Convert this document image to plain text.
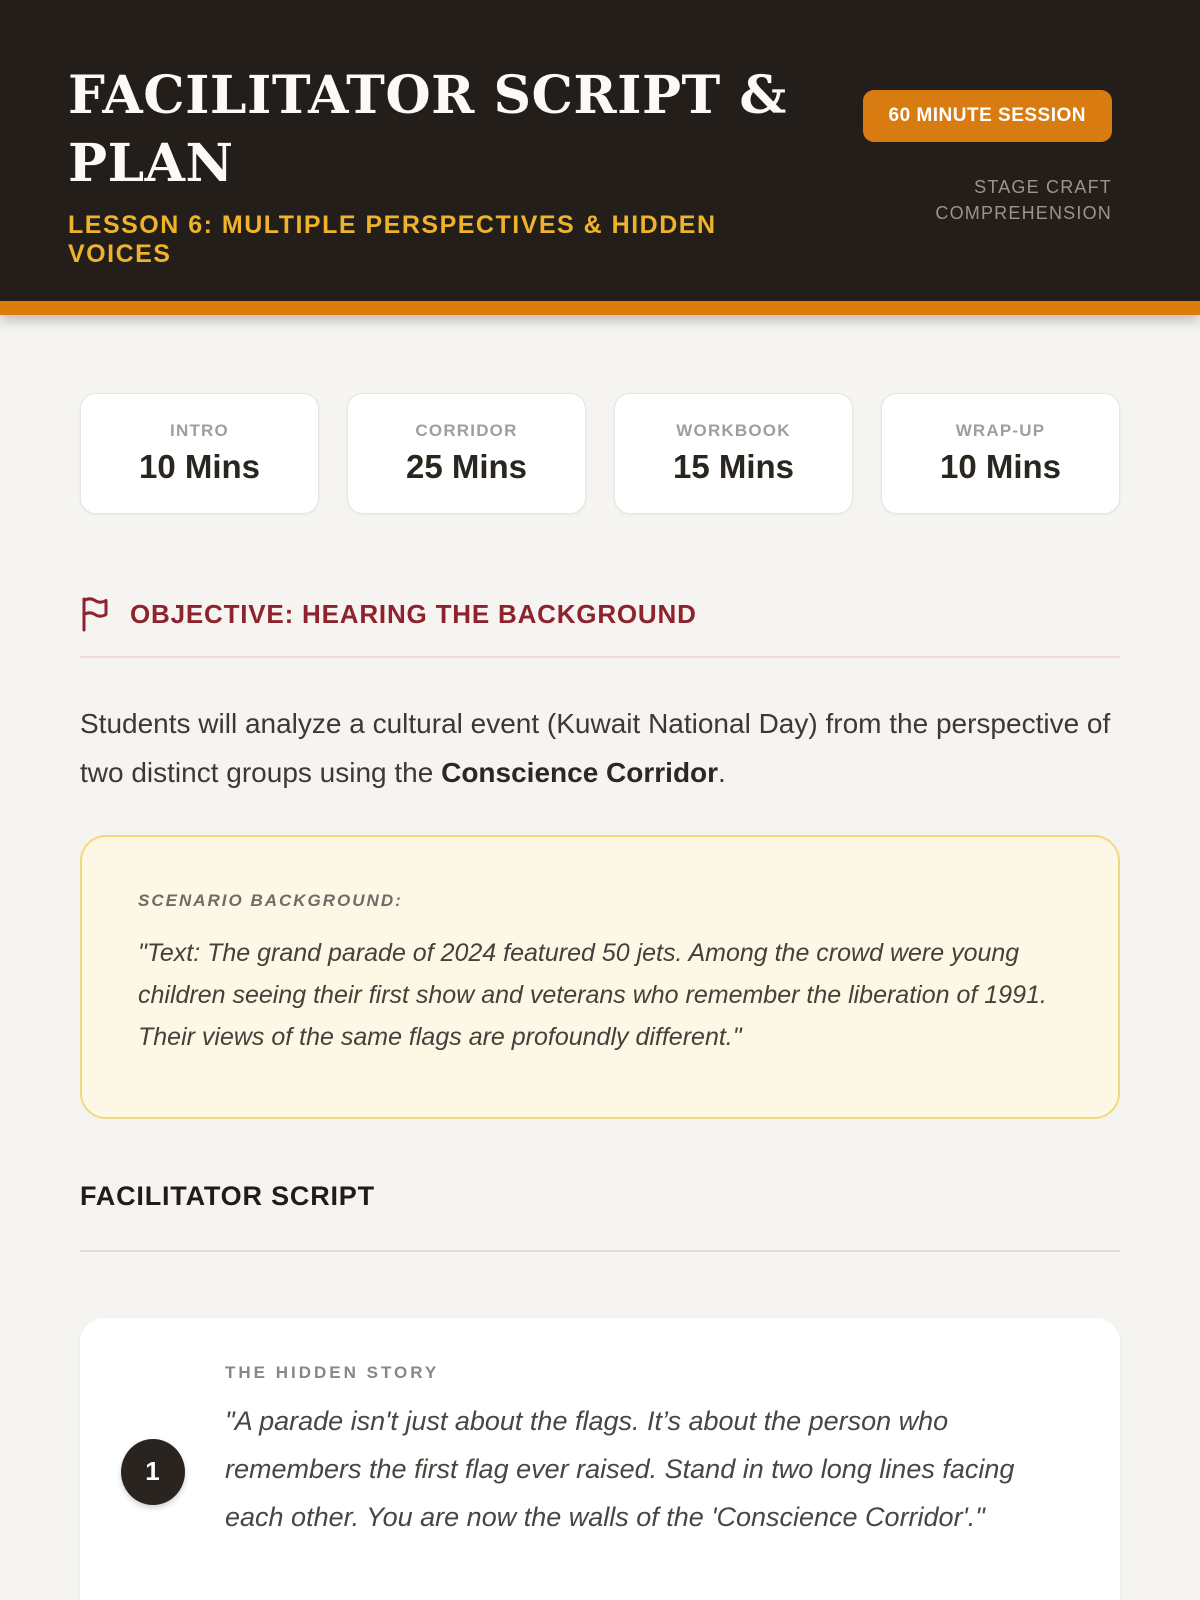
FACILITATOR SCRIPT & PLAN
LESSON 6: MULTIPLE PERSPECTIVES & HIDDEN VOICES
60 MINUTE SESSION
STAGE CRAFT
COMPREHENSION
INTRO
10 Mins
CORRIDOR
25 Mins
WORKBOOK
15 Mins
WRAP-UP
10 Mins
OBJECTIVE: HEARING THE BACKGROUND

Students will analyze a cultural event (Kuwait National Day) from the perspective of two distinct groups using the Conscience Corridor.

SCENARIO BACKGROUND:

"Text: The grand parade of 2024 featured 50 jets. Among the crowd were young children seeing their first show and veterans who remember the liberation of 1991. Their views of the same flags are profoundly different."

FACILITATOR SCRIPT
1
THE HIDDEN STORY

"A parade isn't just about the flags. It’s about the person who remembers the first flag ever raised. Stand in two long lines facing each other. You are now the walls of the 'Conscience Corridor'."
